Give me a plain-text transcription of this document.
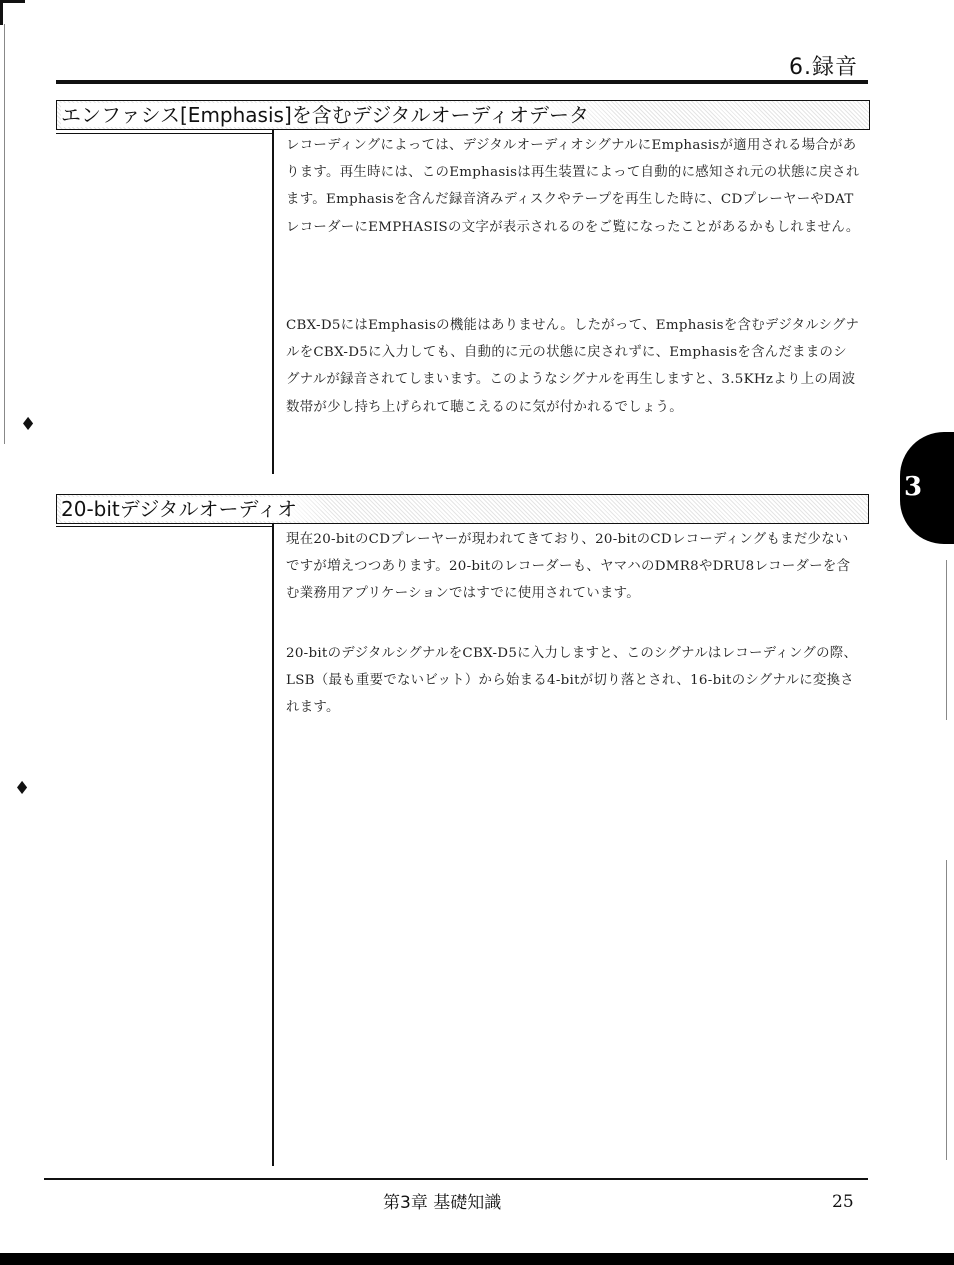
6.録音
エンファシス[Emphasis]を含むデジタルオーディオデータ

レコーディングによっては、デジタルオーディオシグナルにEmphasisが適用される場合があります。再生時には、このEmphasisは再生装置によって自動的に感知され元の状態に戻されます。Emphasisを含んだ録音済みディスクやテープを再生した時に、CDプレーヤーやDATレコーダーにEMPHASISの文字が表示されるのをご覧になったことがあるかもしれません。

CBX-D5にはEmphasisの機能はありません。したがって、Emphasisを含むデジタルシグナルをCBX-D5に入力しても、自動的に元の状態に戻されずに、Emphasisを含んだままのシグナルが録音されてしまいます。このようなシグナルを再生しますと、3.5KHzより上の周波数帯が少し持ち上げられて聴こえるのに気が付かれるでしょう。

20-bitデジタルオーディオ

現在20-bitのCDプレーヤーが現われてきており、20-bitのCDレコーディングもまだ少ないですが増えつつあります。20-bitのレコーダーも、ヤマハのDMR8やDRU8レコーダーを含む業務用アプリケーションではすでに使用されています。

20-bitのデジタルシグナルをCBX-D5に入力しますと、このシグナルはレコーディングの際、LSB（最も重要でないビット）から始まる4-bitが切り落とされ、16-bitのシグナルに変換されます。

♦
♦
3
第3章 基礎知識	25
